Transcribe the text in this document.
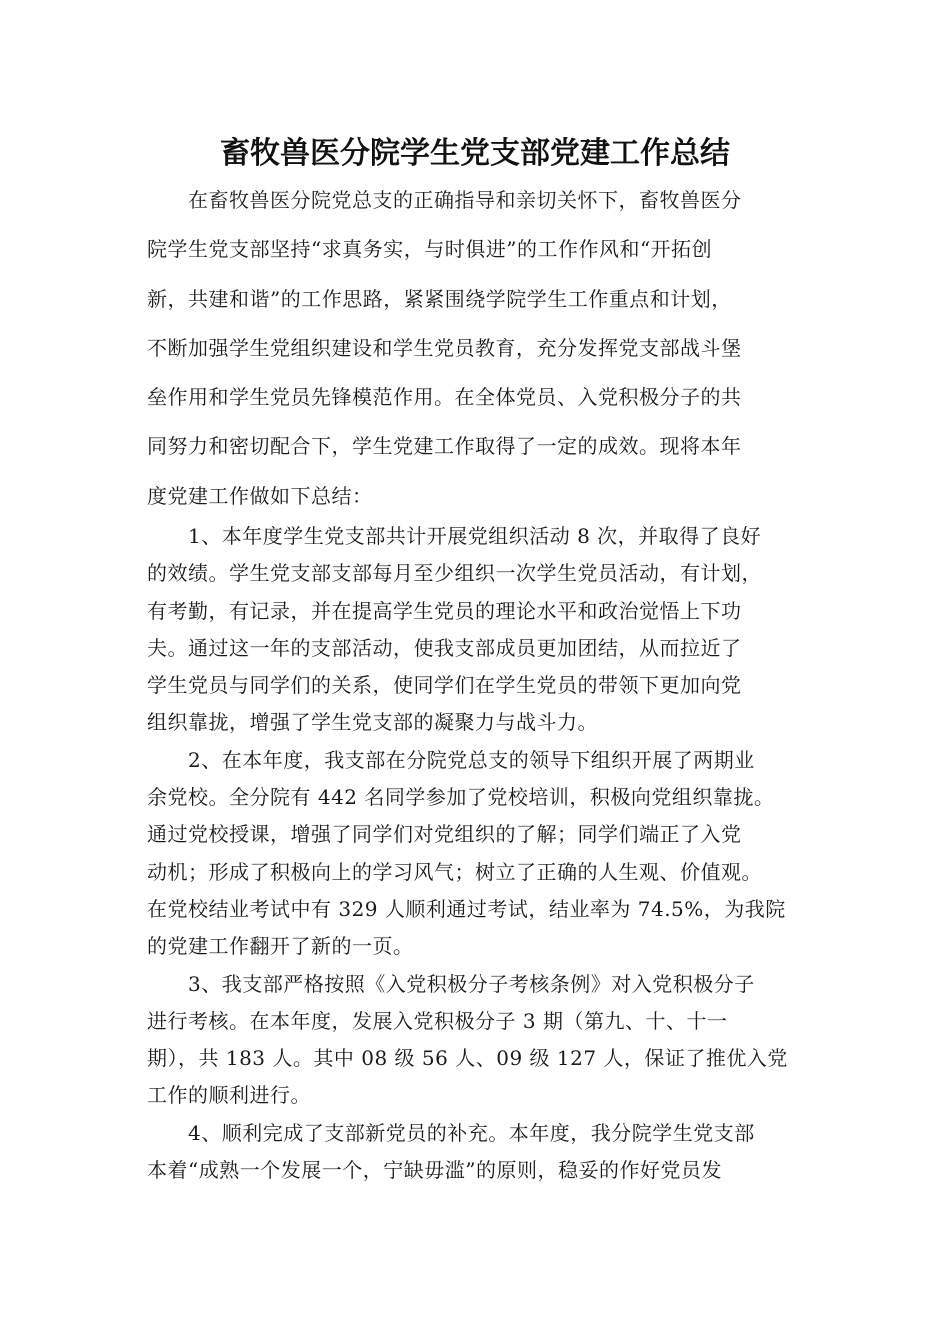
畜牧兽医分院学生党支部党建工作总结
　　在畜牧兽医分院党总支的正确指导和亲切关怀下，畜牧兽医分
院学生党支部坚持“求真务实，与时俱进”的工作作风和“开拓创
新，共建和谐”的工作思路，紧紧围绕学院学生工作重点和计划，
不断加强学生党组织建设和学生党员教育，充分发挥党支部战斗堡
垒作用和学生党员先锋模范作用。在全体党员、入党积极分子的共
同努力和密切配合下，学生党建工作取得了一定的成效。现将本年
度党建工作做如下总结：
　　1、本年度学生党支部共计开展党组织活动 8 次，并取得了良好
的效绩。学生党支部支部每月至少组织一次学生党员活动，有计划，
有考勤，有记录，并在提高学生党员的理论水平和政治觉悟上下功
夫。通过这一年的支部活动，使我支部成员更加团结，从而拉近了
学生党员与同学们的关系，使同学们在学生党员的带领下更加向党
组织靠拢，增强了学生党支部的凝聚力与战斗力。
　　2、在本年度，我支部在分院党总支的领导下组织开展了两期业
余党校。全分院有 442 名同学参加了党校培训，积极向党组织靠拢。
通过党校授课，增强了同学们对党组织的了解；同学们端正了入党
动机；形成了积极向上的学习风气；树立了正确的人生观、价值观。
在党校结业考试中有 329 人顺利通过考试，结业率为 74.5%，为我院
的党建工作翻开了新的一页。
　　3、我支部严格按照《入党积极分子考核条例》对入党积极分子
进行考核。在本年度，发展入党积极分子 3 期（第九、十、十一
期），共 183 人。其中 08 级 56 人、09 级 127 人，保证了推优入党
工作的顺利进行。
　　4、顺利完成了支部新党员的补充。本年度，我分院学生党支部
本着“成熟一个发展一个，宁缺毋滥”的原则，稳妥的作好党员发
